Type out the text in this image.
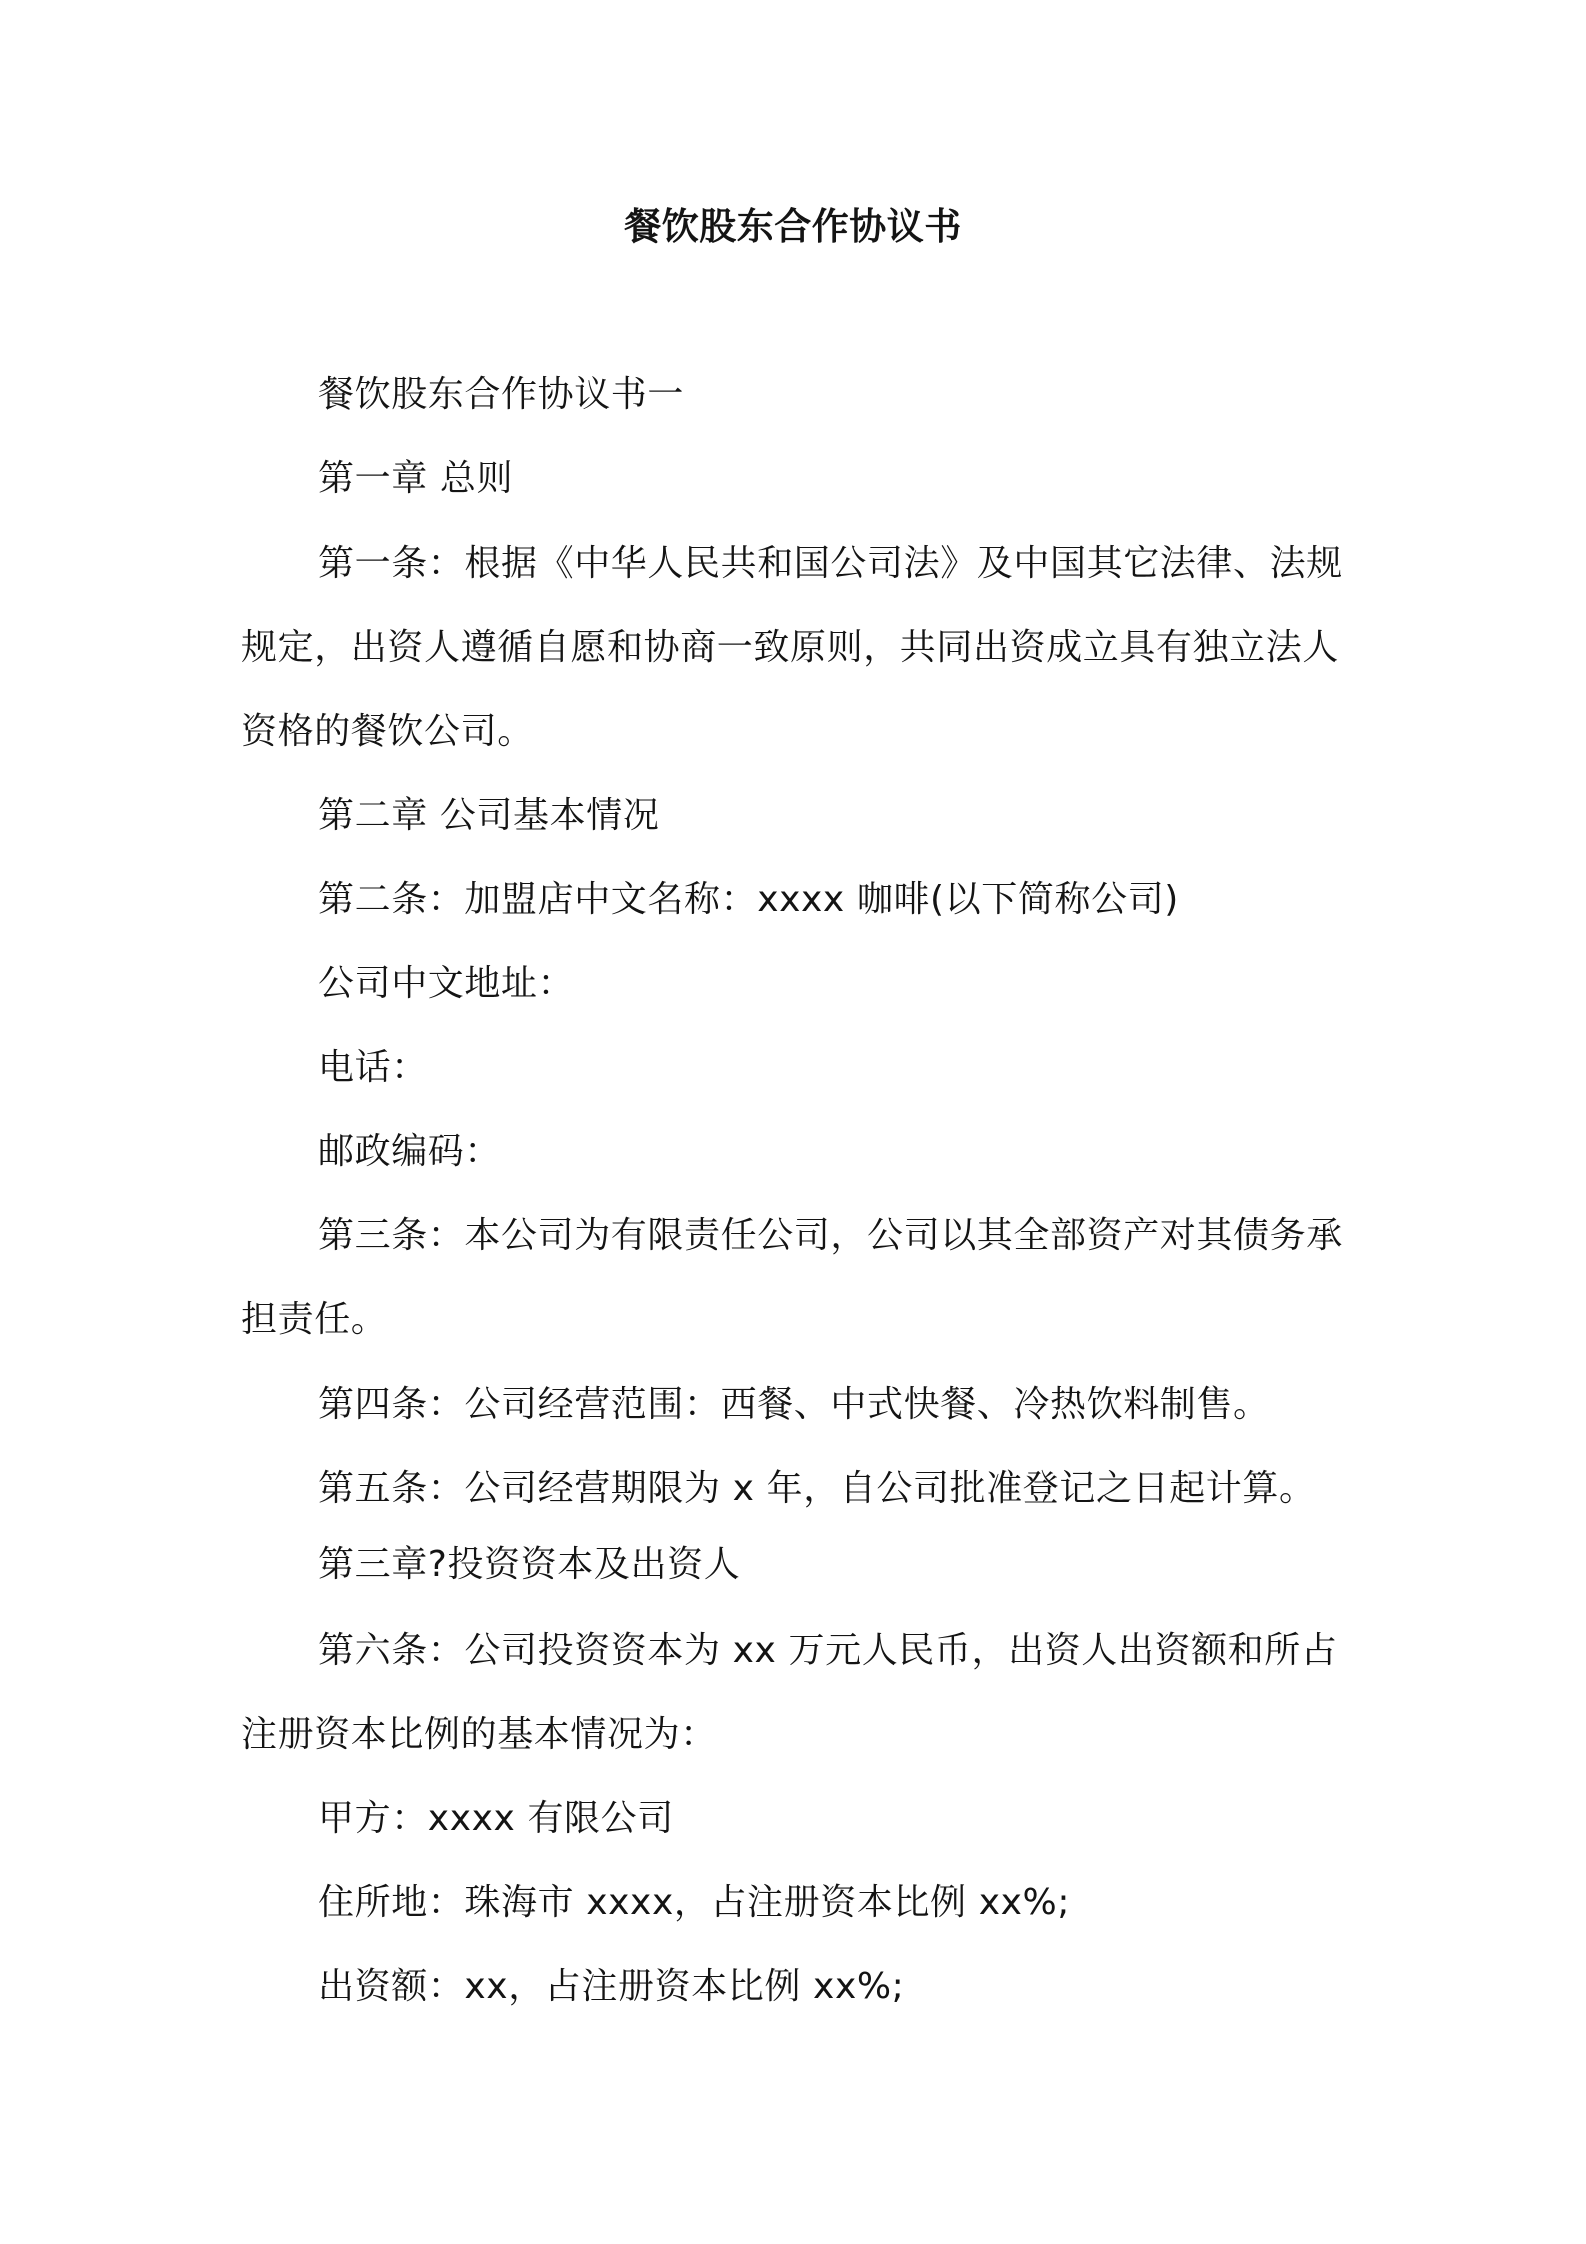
餐饮股东合作协议书
餐饮股东合作协议书一
第一章 总则
第一条：根据《中华人民共和国公司法》及中国其它法律、法规
规定，出资人遵循自愿和协商一致原则，共同出资成立具有独立法人
资格的餐饮公司。
第二章 公司基本情况
第二条：加盟店中文名称：xxxx 咖啡(以下简称公司)
公司中文地址：
电话：
邮政编码：
第三条：本公司为有限责任公司，公司以其全部资产对其债务承
担责任。
第四条：公司经营范围：西餐、中式快餐、冷热饮料制售。
第五条：公司经营期限为 x 年，自公司批准登记之日起计算。
第三章?投资资本及出资人
第六条：公司投资资本为 xx 万元人民币，出资人出资额和所占
注册资本比例的基本情况为：
甲方：xxxx 有限公司
住所地：珠海市 xxxx，占注册资本比例 xx%;
出资额：xx，占注册资本比例 xx%;
